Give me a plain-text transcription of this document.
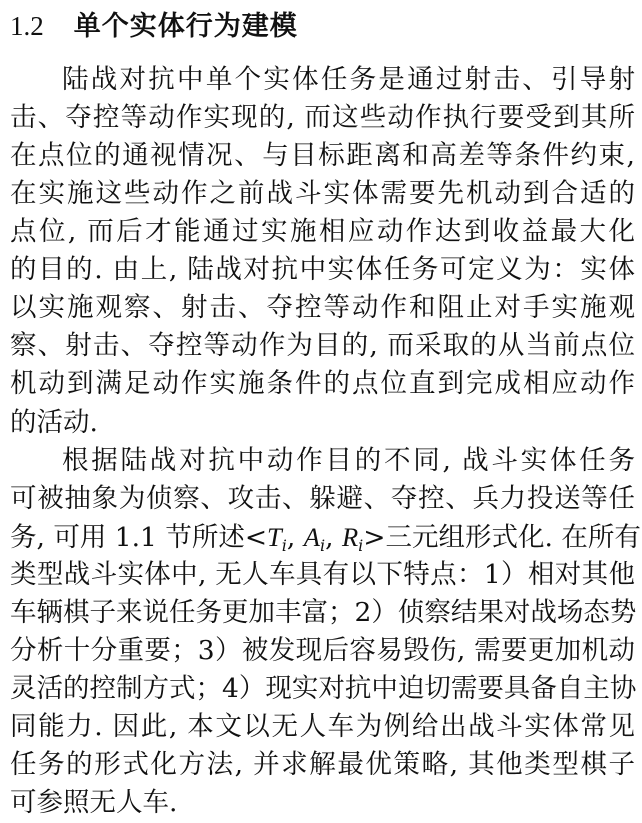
1.2 单个实体行为建模
陆战对抗中单个实体任务是通过射击、引导射
击、夺控等动作实现的, 而这些动作执行要受到其所
在点位的通视情况、与目标距离和高差等条件约束,
在实施这些动作之前战斗实体需要先机动到合适的
点位, 而后才能通过实施相应动作达到收益最大化
的目的. 由上, 陆战对抗中实体任务可定义为：实体
以实施观察、射击、夺控等动作和阻止对手实施观
察、射击、夺控等动作为目的, 而采取的从当前点位
机动到满足动作实施条件的点位直到完成相应动作
的活动.
根据陆战对抗中动作目的不同, 战斗实体任务
可被抽象为侦察、攻击、躲避、夺控、兵力投送等任
务, 可用 1.1 节所述$<T_i$, $A_i$, $R_i>$三元组形式化. 在所有
类型战斗实体中, 无人车具有以下特点：1）相对其他
车辆棋子来说任务更加丰富；2）侦察结果对战场态势
分析十分重要；3）被发现后容易毁伤, 需要更加机动
灵活的控制方式；4）现实对抗中迫切需要具备自主协
同能力. 因此, 本文以无人车为例给出战斗实体常见
任务的形式化方法, 并求解最优策略, 其他类型棋子
可参照无人车.
